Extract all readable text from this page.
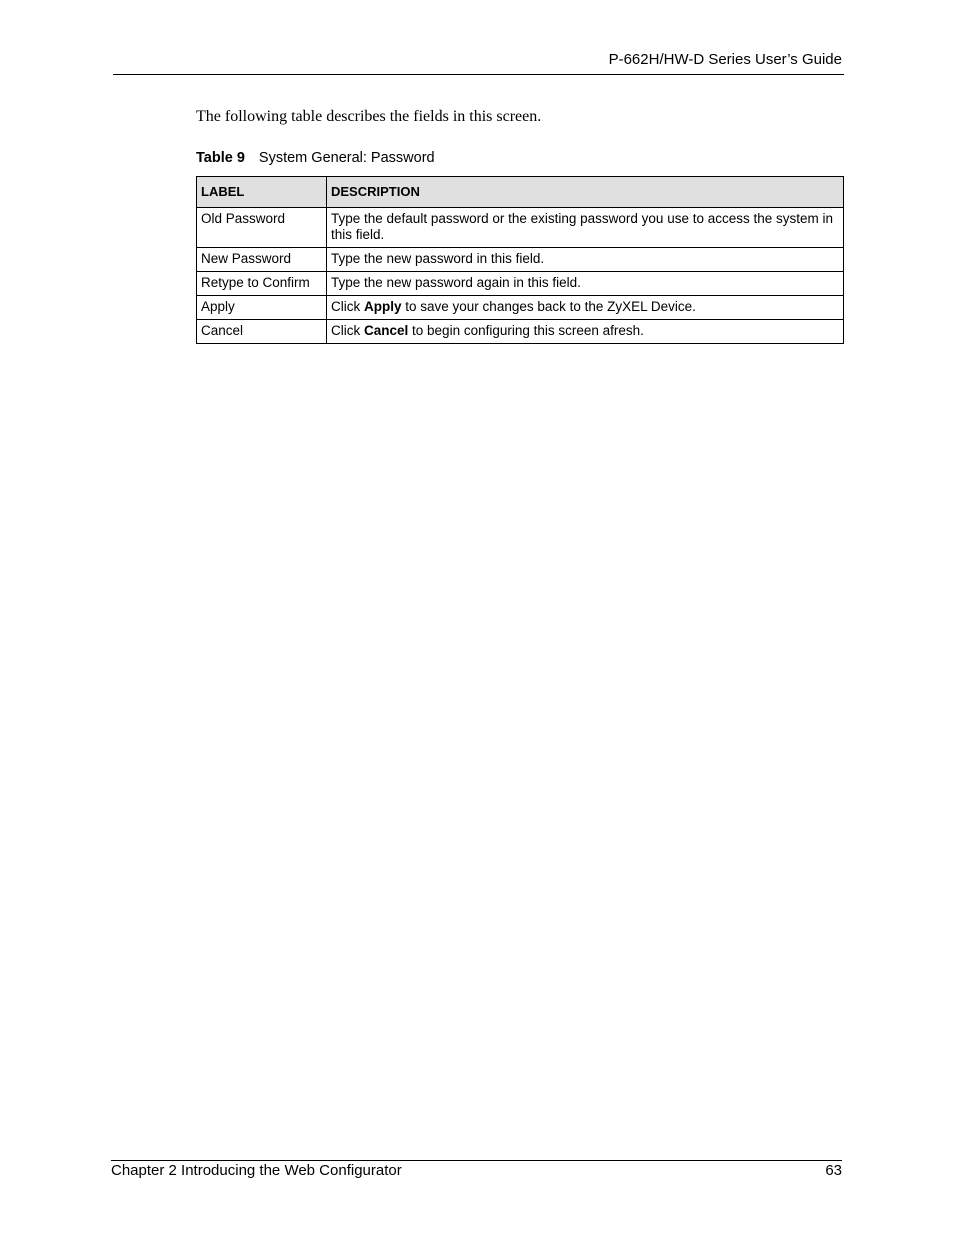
P-662H/HW-D Series User’s Guide

The following table describes the fields in this screen.

Table 9 System General: Password
LABEL	DESCRIPTION
Old Password	Type the default password or the existing password you use to access the system in this field.
New Password	Type the new password in this field.
Retype to Confirm	Type the new password again in this field.
Apply	Click Apply to save your changes back to the ZyXEL Device.
Cancel	Click Cancel to begin configuring this screen afresh.
Chapter 2 Introducing the Web Configurator	63
